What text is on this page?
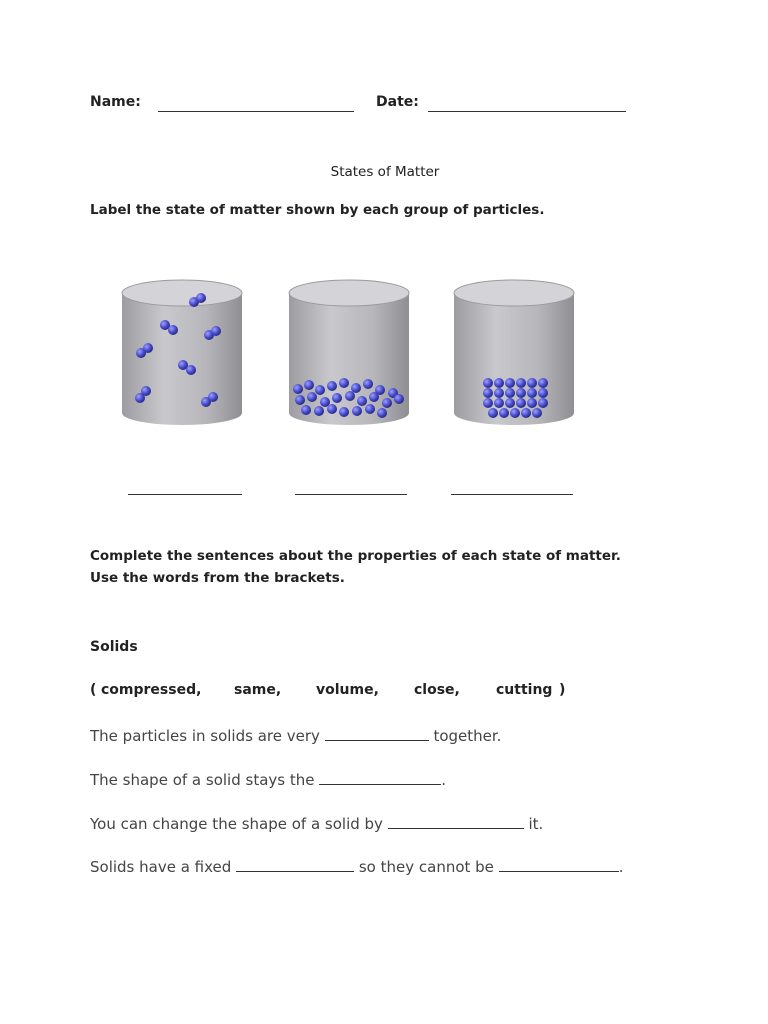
Name:	Date:
States of Matter
Label the state of matter shown by each group of particles.
Complete the sentences about the properties of each state of matter. Use the words from the brackets.
Solids
( compressed, same, volume,	close,	cutting )
The particles in solids are very	together.
The shape of a solid stays the	.
You can change the shape of a solid by	it.
Solids have a fixed	so they cannot be	.
